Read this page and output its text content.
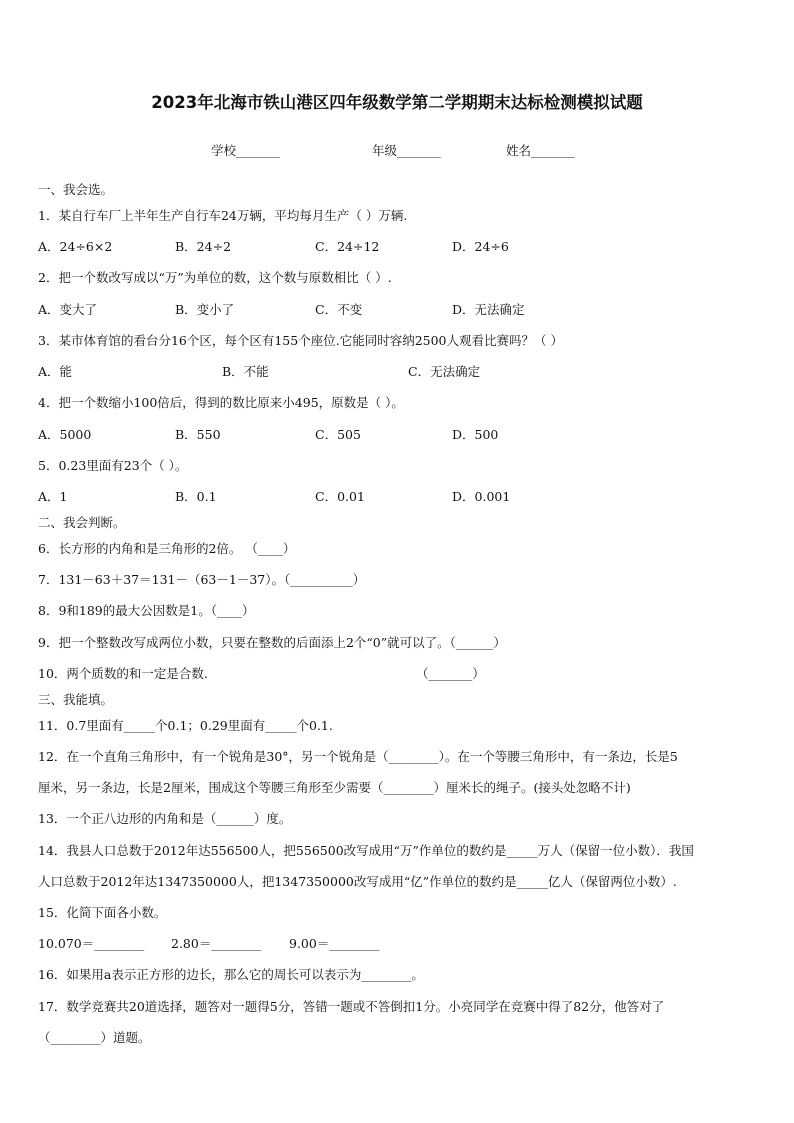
2023年北海市铁山港区四年级数学第二学期期末达标检测模拟试题
学校_______	年级_______	姓名_______
一、我会选。
1．某自行车厂上半年生产自行车24万辆，平均每月生产（ ）万辆.
A．24÷6×2	B．24÷2	C．24÷12	D．24÷6
2．把一个数改写成以“万”为单位的数，这个数与原数相比（ ）.
A．变大了	B．变小了	C．不变	D．无法确定
3．某市体育馆的看台分16个区，每个区有155个座位.它能同时容纳2500人观看比赛吗？（ ）
A．能	B．不能	C．无法确定
4．把一个数缩小100倍后，得到的数比原来小495，原数是（ ）。
A．5000	B．550	C．505	D．500
5．0.23里面有23个（ ）。
A．1	B．0.1	C．0.01	D．0.001
二、我会判断。
6．长方形的内角和是三角形的2倍。 （____）
7．131－63＋37＝131－（63－1－37）。（__________）
8．9和189的最大公因数是1。（____）
9．把一个整数改写成两位小数，只要在整数的后面添上2个“0”就可以了。（______）
10．两个质数的和一定是合数.	（_______）
三、我能填。
11．0.7里面有_____个0.1；0.29里面有_____个0.1.
12．在一个直角三角形中，有一个锐角是30°，另一个锐角是（________）。在一个等腰三角形中，有一条边，长是5
厘米，另一条边，长是2厘米，围成这个等腰三角形至少需要（________）厘米长的绳子。(接头处忽略不计)
13．一个正八边形的内角和是（______）度。
14．我县人口总数于2012年达556500人，把556500改写成用“万”作单位的数约是_____万人（保留一位小数）．我国
人口总数于2012年达1347350000人，把1347350000改写成用“亿”作单位的数约是_____亿人（保留两位小数）.
15．化简下面各小数。
10.070＝________ 2.80＝________ 9.00＝________
16．如果用a表示正方形的边长，那么它的周长可以表示为________。
17．数学竞赛共20道选择，题答对一题得5分，答错一题或不答倒扣1分。小亮同学在竞赛中得了82分，他答对了
（________）道题。
